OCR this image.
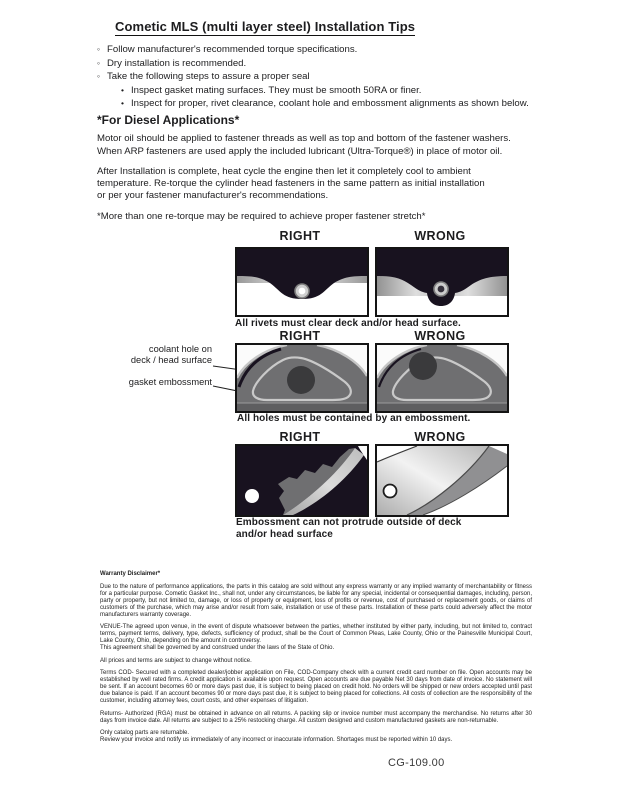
Cometic MLS (multi layer steel) Installation Tips
◦ Follow manufacturer's recommended torque specifications.
◦ Dry installation is recommended.
◦ Take the following steps to assure a proper seal
• Inspect gasket mating surfaces. They must be smooth 50RA or finer.
• Inspect for proper, rivet clearance, coolant hole and embossment alignments as shown below.
*For Diesel Applications*
Motor oil should be applied to fastener threads as well as top and bottom of the fastener washers.
When ARP fasteners are used apply the included lubricant (Ultra-Torque®) in place of motor oil.
After Installation is complete, heat cycle the engine then let it completely cool to ambient
temperature. Re-torque the cylinder head fasteners in the same pattern as initial installation
or per your fastener manufacturer's recommendations.
*More than one re-torque may be required to achieve proper fastener stretch*
RIGHT	WRONG
All rivets must clear deck and/or head surface.
RIGHT	WRONG
coolant hole on
deck / head surface
gasket embossment
All holes must be contained by an embossment.
RIGHT	WRONG
Embossment can not protrude outside of deck
and/or head surface
Warranty Disclaimer*

Due to the nature of performance applications, the parts in this catalog are sold without any express warranty or any implied warranty of merchantability or fitness for a particular purpose. Cometic Gasket Inc., shall not, under any circumstances, be liable for any special, incidental or consequential damages, including, person, party or property, but not limited to, damage, or loss of property or equipment, loss of profits or revenue, cost of purchased or replacement goods, or claims of customers of the purchase, which may arise and/or result from sale, installation or use of these parts. Installation of these parts could adversely affect the motor manufacturers warranty coverage.

VENUE-The agreed upon venue, in the event of dispute whatsoever between the parties, whether instituted by either party, including, but not limited to, contract terms, payment terms, delivery, type, defects, sufficiency of product, shall be the Court of Common Pleas, Lake County, Ohio or the Painesville Municipal Court, Lake County, Ohio, depending on the amount in controversy.

This agreement shall be governed by and construed under the laws of the State of Ohio.

All prices and terms are subject to change without notice.

Terms COD- Secured with a completed dealer/jobber application on File, COD-Company check with a current credit card number on file. Open accounts may be established by well rated firms. A credit application is available upon request. Open accounts are due payable Net 30 days from date of invoice. No statement will be sent. If an account becomes 60 or more days past due, it is subject to being placed on credit hold. No orders will be shipped or new orders accepted until past due balance is paid. If an account becomes 90 or more days past due, it is subject to being placed for collections. All costs of collection are the responsibility of the customer, including attorney fees, court costs, and other expenses of litigation.

Returns- Authorized (RGA) must be obtained in advance on all returns. A packing slip or invoice number must accompany the merchandise. No returns after 30 days from invoice date. All returns are subject to a 25% restocking charge. All custom designed and custom manufactured gaskets are non-returnable.

Only catalog parts are returnable.

Review your invoice and notify us immediately of any incorrect or inaccurate information. Shortages must be reported within 10 days.

CG-109.00
